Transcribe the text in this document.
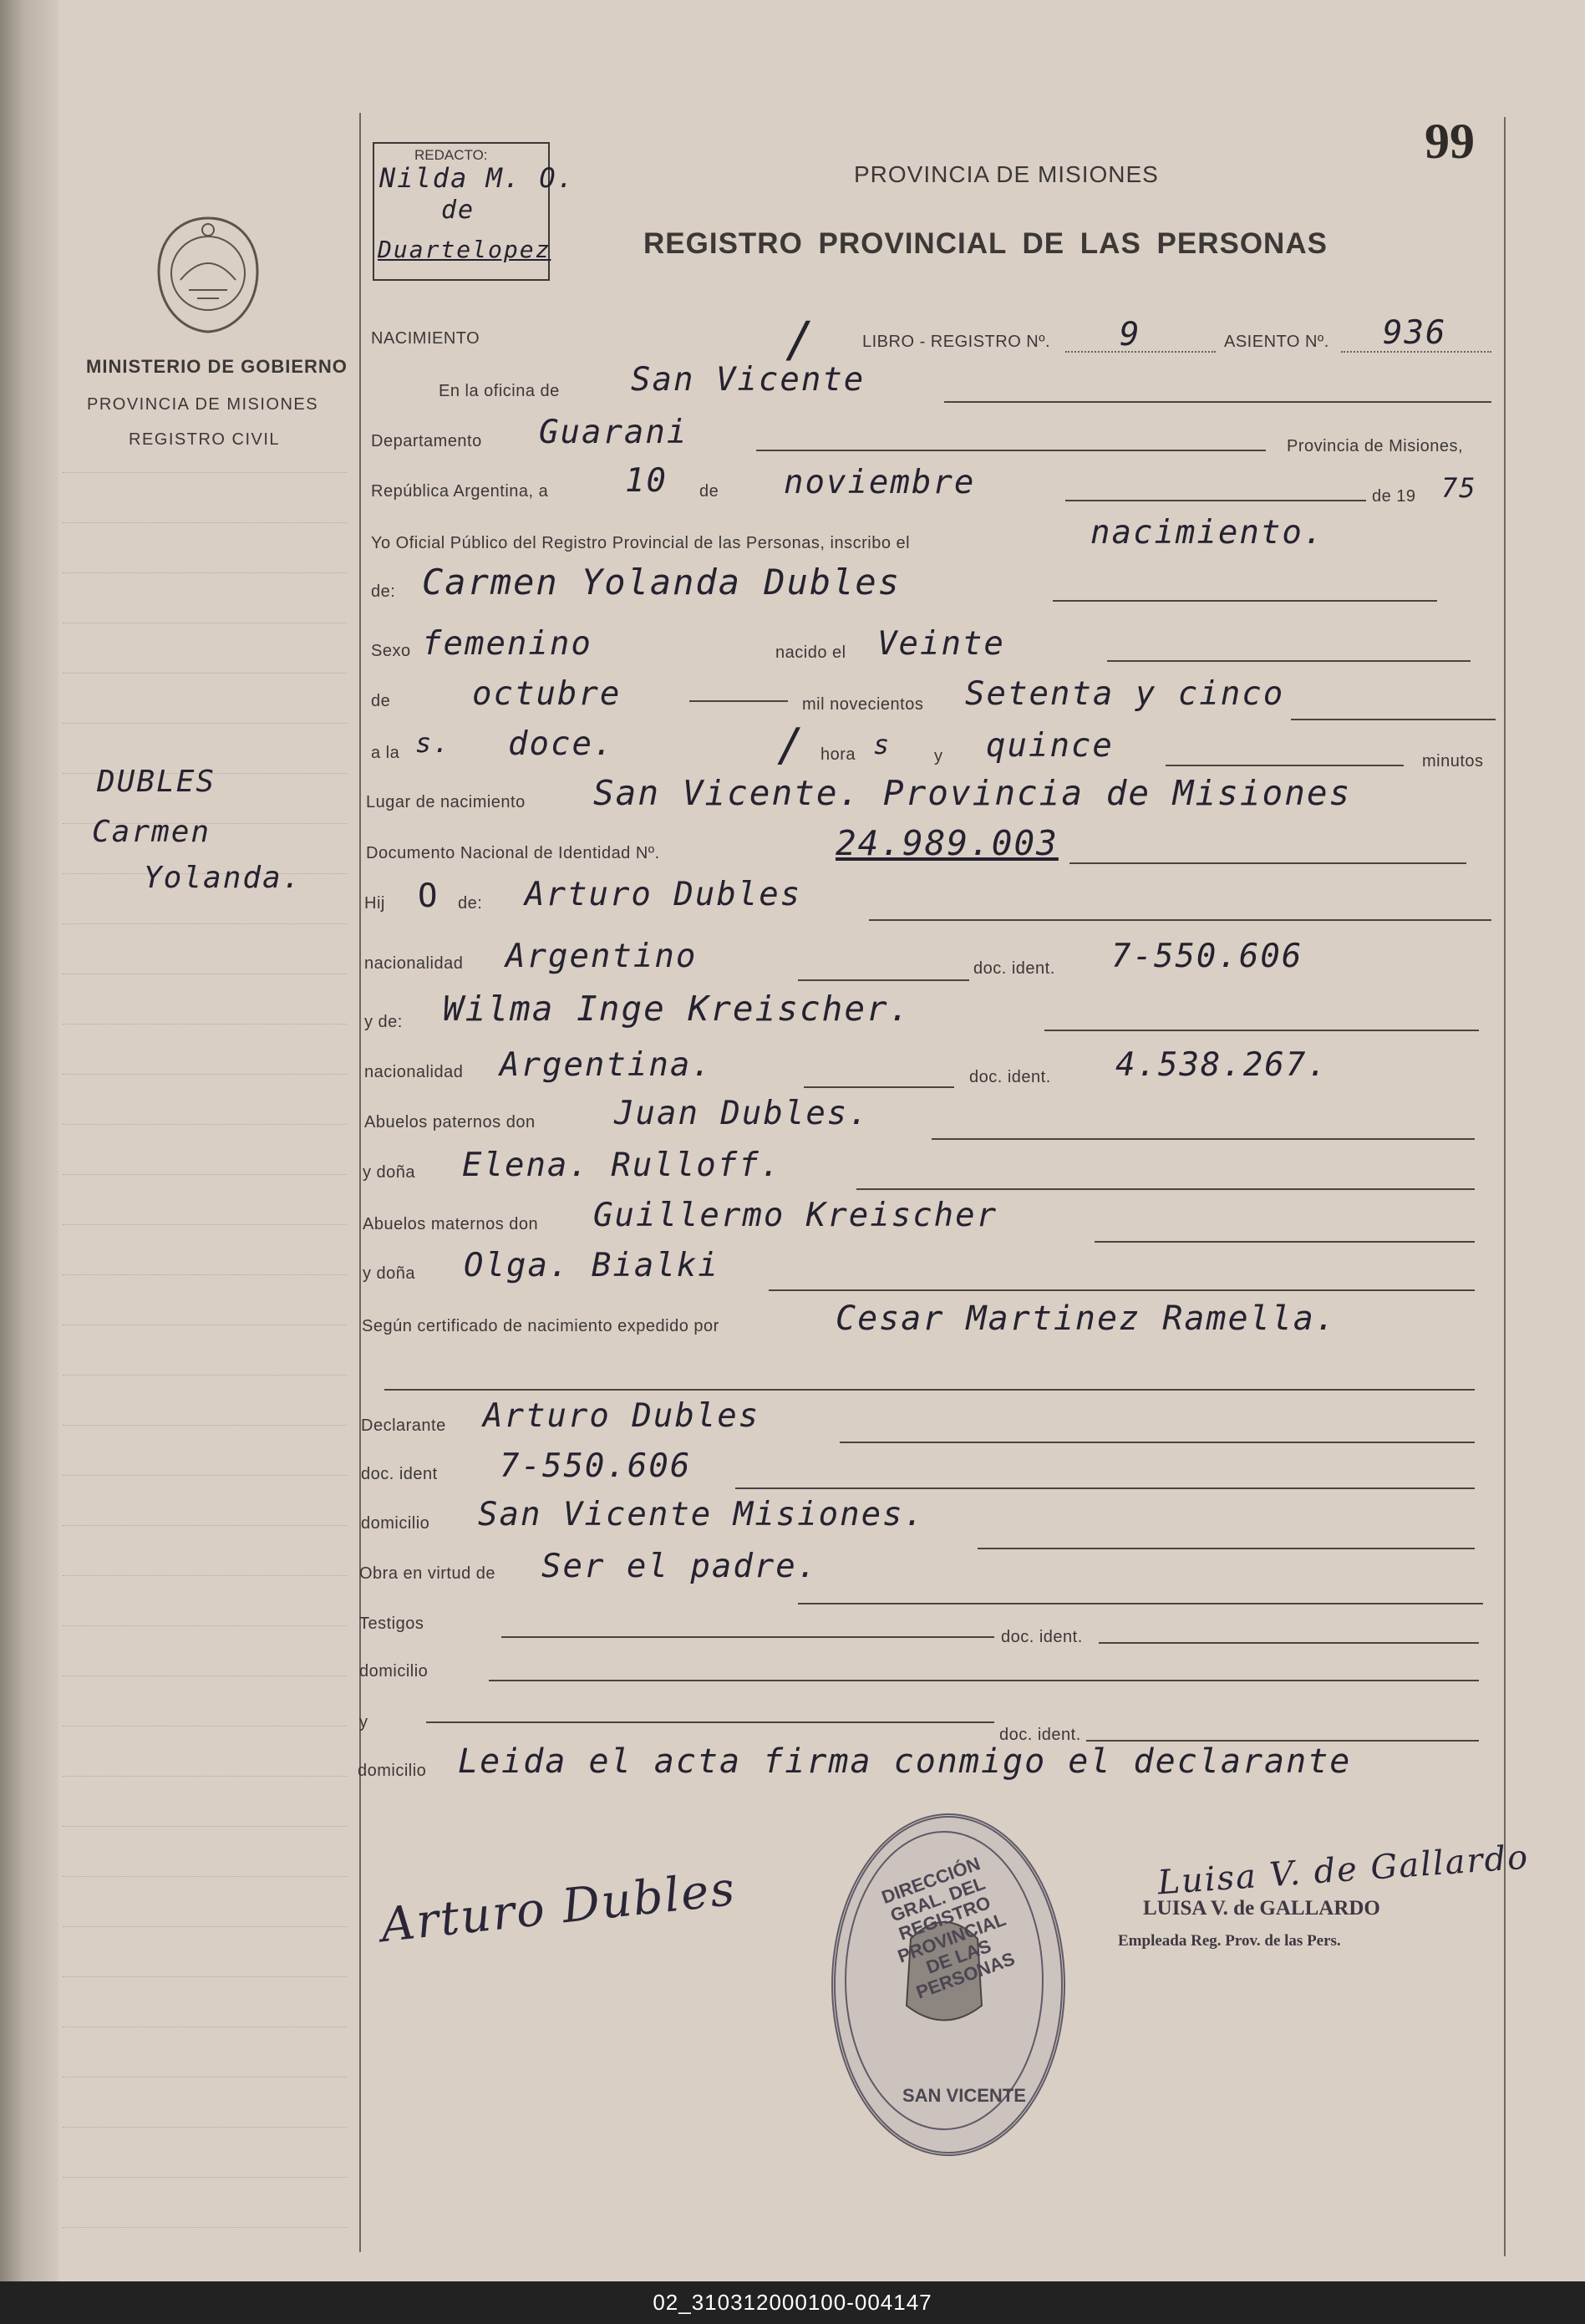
99
REDACTO:
Nilda M. O.
de
Duartelopez
PROVINCIA DE MISIONES
REGISTRO PROVINCIAL DE LAS PERSONAS
MINISTERIO DE GOBIERNO
PROVINCIA DE MISIONES
REGISTRO CIVIL
DUBLES
Carmen
Yolanda.
NACIMIENTO	/	LIBRO - REGISTRO Nº. 9	ASIENTO Nº. 936
En la oficina de San Vicente
Departamento Guarani	Provincia de Misiones,
República Argentina, a 10 de noviembre	de 19 75
Yo Oficial Público del Registro Provincial de las Personas, inscribo el	nacimiento.
de: Carmen Yolanda Dubles
Sexo femenino	nacido el Veinte
de	octubre	mil novecientos Setenta y cinco
a la s. doce.	/ hora s	y quince	minutos
Lugar de nacimiento San Vicente. Provincia de Misiones
Documento Nacional de Identidad Nº.	24.989.003
Hij O de: Arturo Dubles
nacionalidad Argentino	doc. ident. 7-550.606
y de: Wilma Inge Kreischer.
nacionalidad Argentina.	doc. ident. 4.538.267.
Abuelos paternos don Juan Dubles.
y doña Elena. Rulloff.
Abuelos maternos don Guillermo Kreischer
y doña Olga. Bialki
Según certificado de nacimiento expedido por	Cesar Martinez Ramella.
Declarante Arturo Dubles
doc. ident 7-550.606
domicilio San Vicente Misiones.
Obra en virtud de Ser el padre.
Testigos
doc. ident.
domicilio
y
doc. ident.
domicilio Leida el acta firma conmigo el declarante
Arturo Dubles	DIRECCIÓN GRAL. DEL REGISTRO PROVINCIAL DE LAS PERSONAS
SAN VICENTE
Luisa V. de Gallardo
LUISA V. de GALLARDO
Empleada Reg. Prov. de las Pers.
02_310312000100-004147
